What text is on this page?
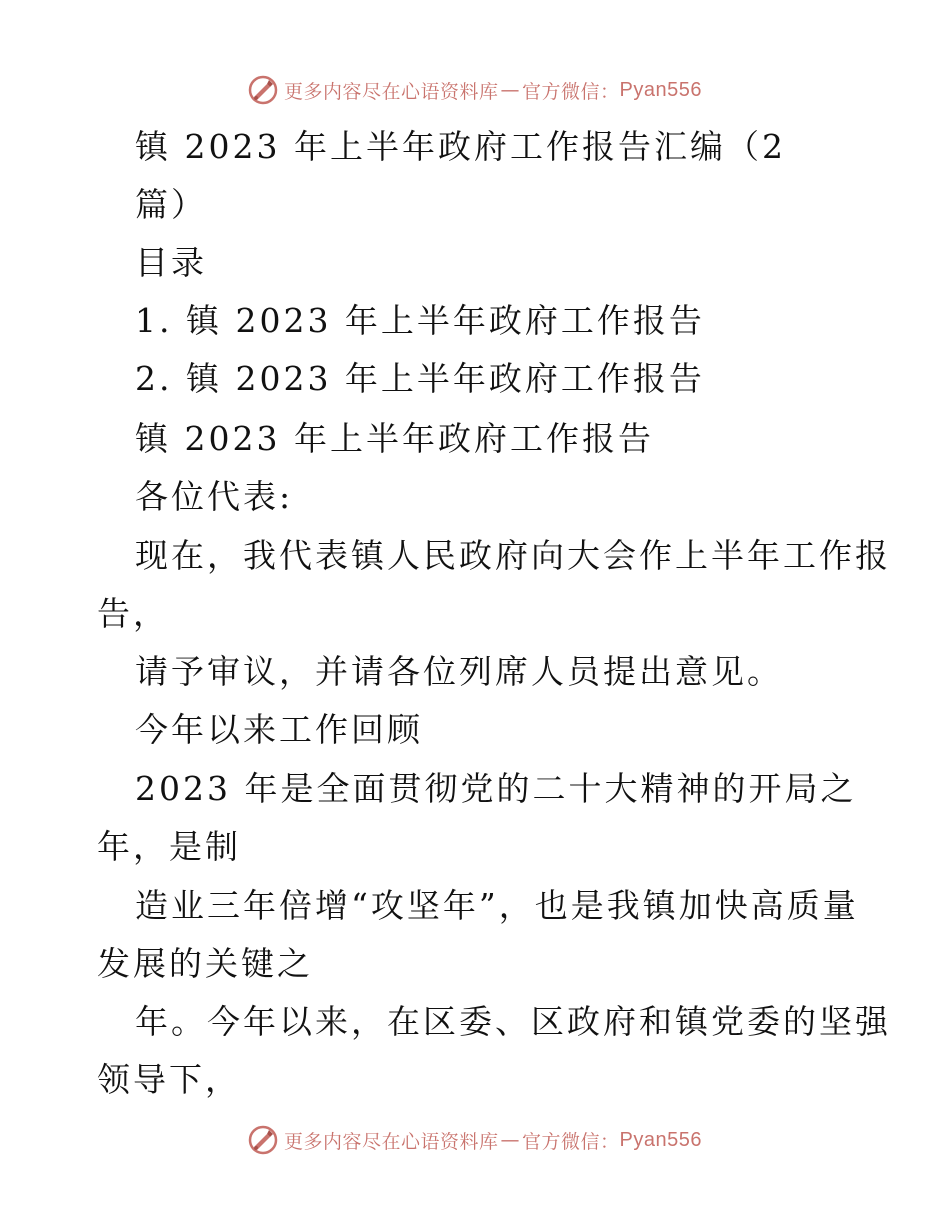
更多内容尽在心语资料库 — 官方微信： Pyan556
镇 2023 年上半年政府工作报告汇编（2
篇）
目录
1. 镇 2023 年上半年政府工作报告
2. 镇 2023 年上半年政府工作报告
镇 2023 年上半年政府工作报告
各位代表:
现在，我代表镇人民政府向大会作上半年工作报
告，
请予审议，并请各位列席人员提出意见。
今年以来工作回顾
2023 年是全面贯彻党的二十大精神的开局之
年，是制
造业三年倍增“攻坚年”，也是我镇加快高质量
发展的关键之
年。今年以来，在区委、区政府和镇党委的坚强
领导下，
更多内容尽在心语资料库 — 官方微信： Pyan556
